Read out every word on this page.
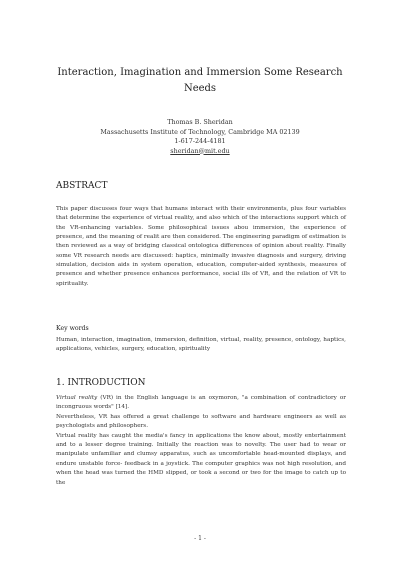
Interaction, Imagination and Immersion Some Research Needs
Thomas B. Sheridan
Massachusetts Institute of Technology, Cambridge MA 02139
1-617-244-4181
sheridan@mit.edu
ABSTRACT
This paper discusses four ways that humans interact with their environments, plus four variables that determine the experience of virtual reality, and also which of the interactions support which of the VR-enhancing variables. Some philosophical issues abou immersion, the experience of presence, and the meaning of realit are then considered. The engineering paradigm of estimation is then reviewed as a way of bridging classical ontologica differences of opinion about reality. Finally some VR research needs are discussed: haptics, minimally invasive diagnosis and surgery, driving simulation, decision aids in system operation, education, computer-aided synthesis, measures of presence and whether presence enhances performance, social ills of VR, and the relation of VR to spirituality.
Key words
Human, interaction, imagination, immersion, definition, virtual, reality, presence, ontology, haptics, applications, vehicles, surgery, education, spirituality
1. INTRODUCTION

Virtual reality (VR) in the English language is an oxymoron, "a combination of contradictory or incongruous words" [14].

Nevertheless, VR has offered a great challenge to software and hardware engineers as well as psychologists and philosophers.

Virtual reality has caught the media's fancy in applications the know about, mostly entertainment and to a lesser degree training. Initially the reaction was to novelty. The user had to wear or manipulate unfamiliar and clumsy apparatus, such as uncomfortable head-mounted displays, and endure unstable force- feedback in a joystick. The computer graphics was not high resolution, and when the head was turned the HMD slipped, or took a second or two for the image to catch up to the

- 1 -
